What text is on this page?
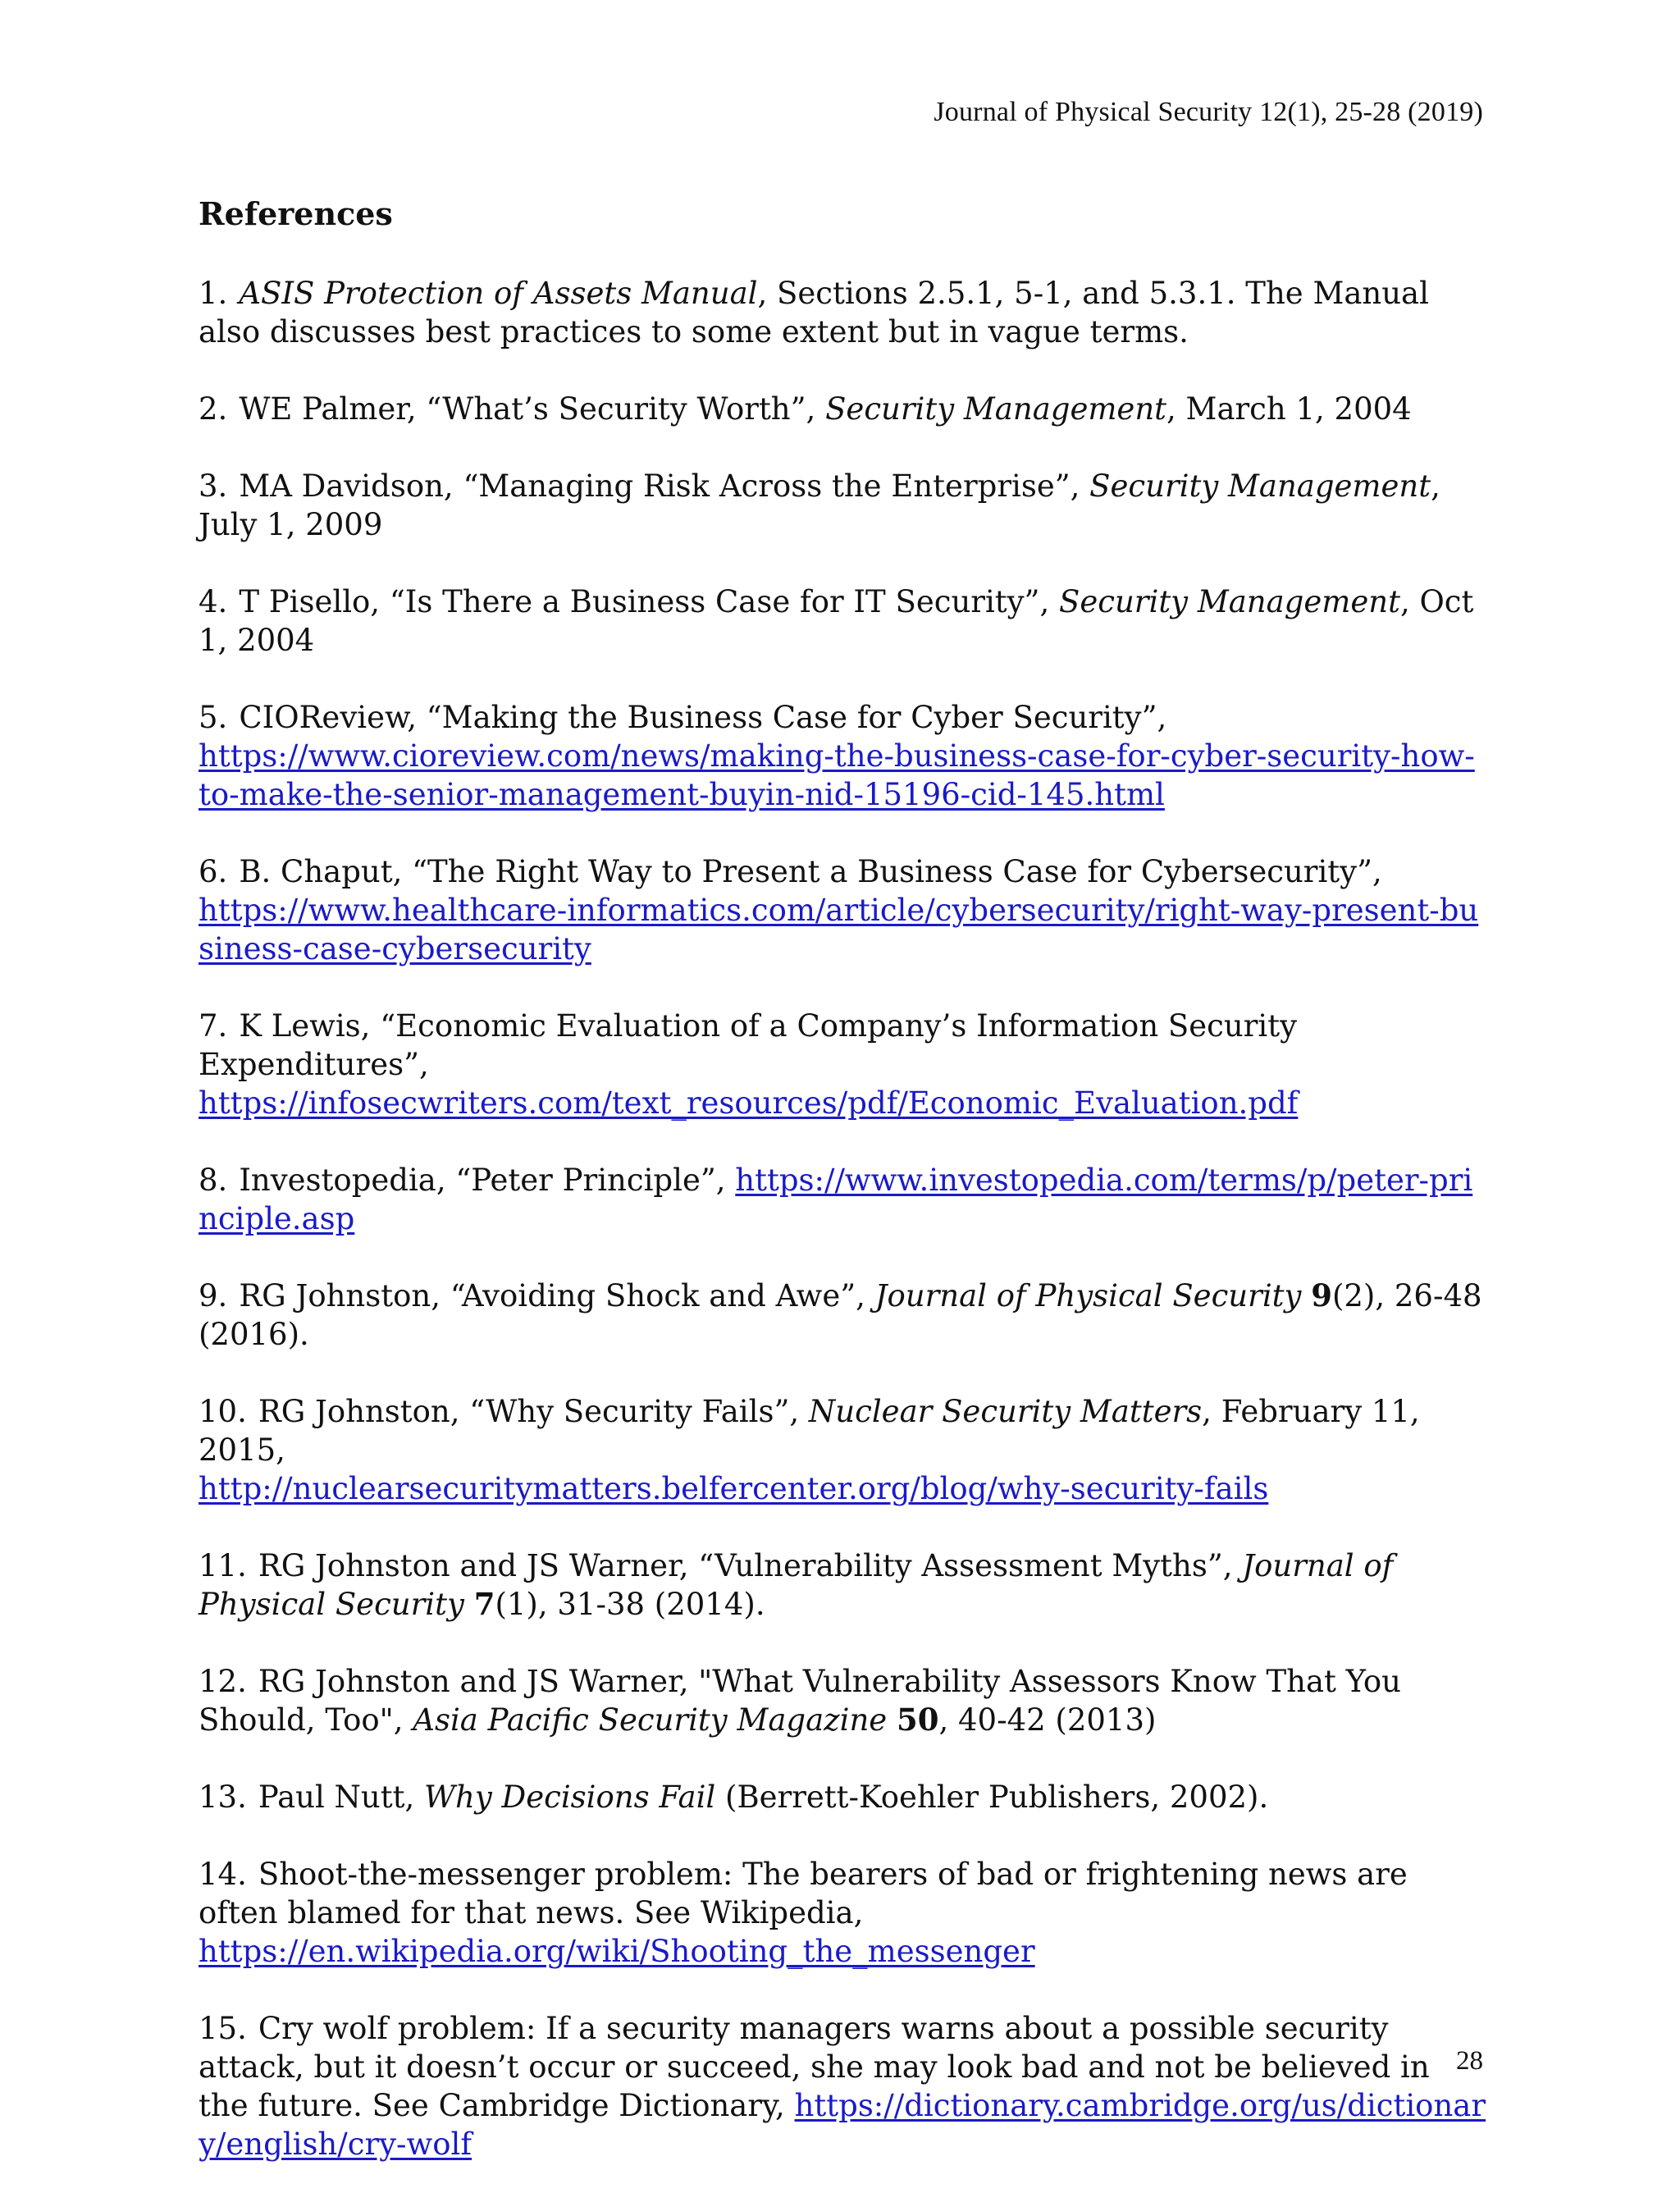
Journal of Physical Security 12(1), 25-28 (2019)
References
1. ASIS Protection of Assets Manual, Sections 2.5.1, 5-1, and 5.3.1. The Manual also discusses best practices to some extent but in vague terms.
2. WE Palmer, “What’s Security Worth”, Security Management, March 1, 2004
3. MA Davidson, “Managing Risk Across the Enterprise”, Security Management, July 1, 2009
4. T Pisello, “Is There a Business Case for IT Security”, Security Management, Oct 1, 2004
5. CIOReview, “Making the Business Case for Cyber Security”,
https://www.cioreview.com/news/making-the-business-case-for-cyber-security-how-to-make-the-senior-management-buyin-nid-15196-cid-145.html
6. B. Chaput, “The Right Way to Present a Business Case for Cybersecurity”,
https://www.healthcare-informatics.com/article/cybersecurity/right-way-present-business-case-cybersecurity
7. K Lewis, “Economic Evaluation of a Company’s Information Security Expenditures”,
https://infosecwriters.com/text_resources/pdf/Economic_Evaluation.pdf
8. Investopedia, “Peter Principle”, https://www.investopedia.com/terms/p/peter-principle.asp
9. RG Johnston, “Avoiding Shock and Awe”, Journal of Physical Security 9(2), 26-48 (2016).
10. RG Johnston, “Why Security Fails”, Nuclear Security Matters, February 11, 2015,
http://nuclearsecuritymatters.belfercenter.org/blog/why-security-fails
11. RG Johnston and JS Warner, “Vulnerability Assessment Myths”, Journal of Physical Security 7(1), 31-38 (2014).
12. RG Johnston and JS Warner, "What Vulnerability Assessors Know That You Should, Too", Asia Pacific Security Magazine 50, 40-42 (2013)
13. Paul Nutt, Why Decisions Fail (Berrett-Koehler Publishers, 2002).
14. Shoot-the-messenger problem: The bearers of bad or frightening news are often blamed for that news. See Wikipedia,
https://en.wikipedia.org/wiki/Shooting_the_messenger
15. Cry wolf problem: If a security managers warns about a possible security attack, but it doesn’t occur or succeed, she may look bad and not be believed in the future. See Cambridge Dictionary, https://dictionary.cambridge.org/us/dictionary/english/cry-wolf
28
